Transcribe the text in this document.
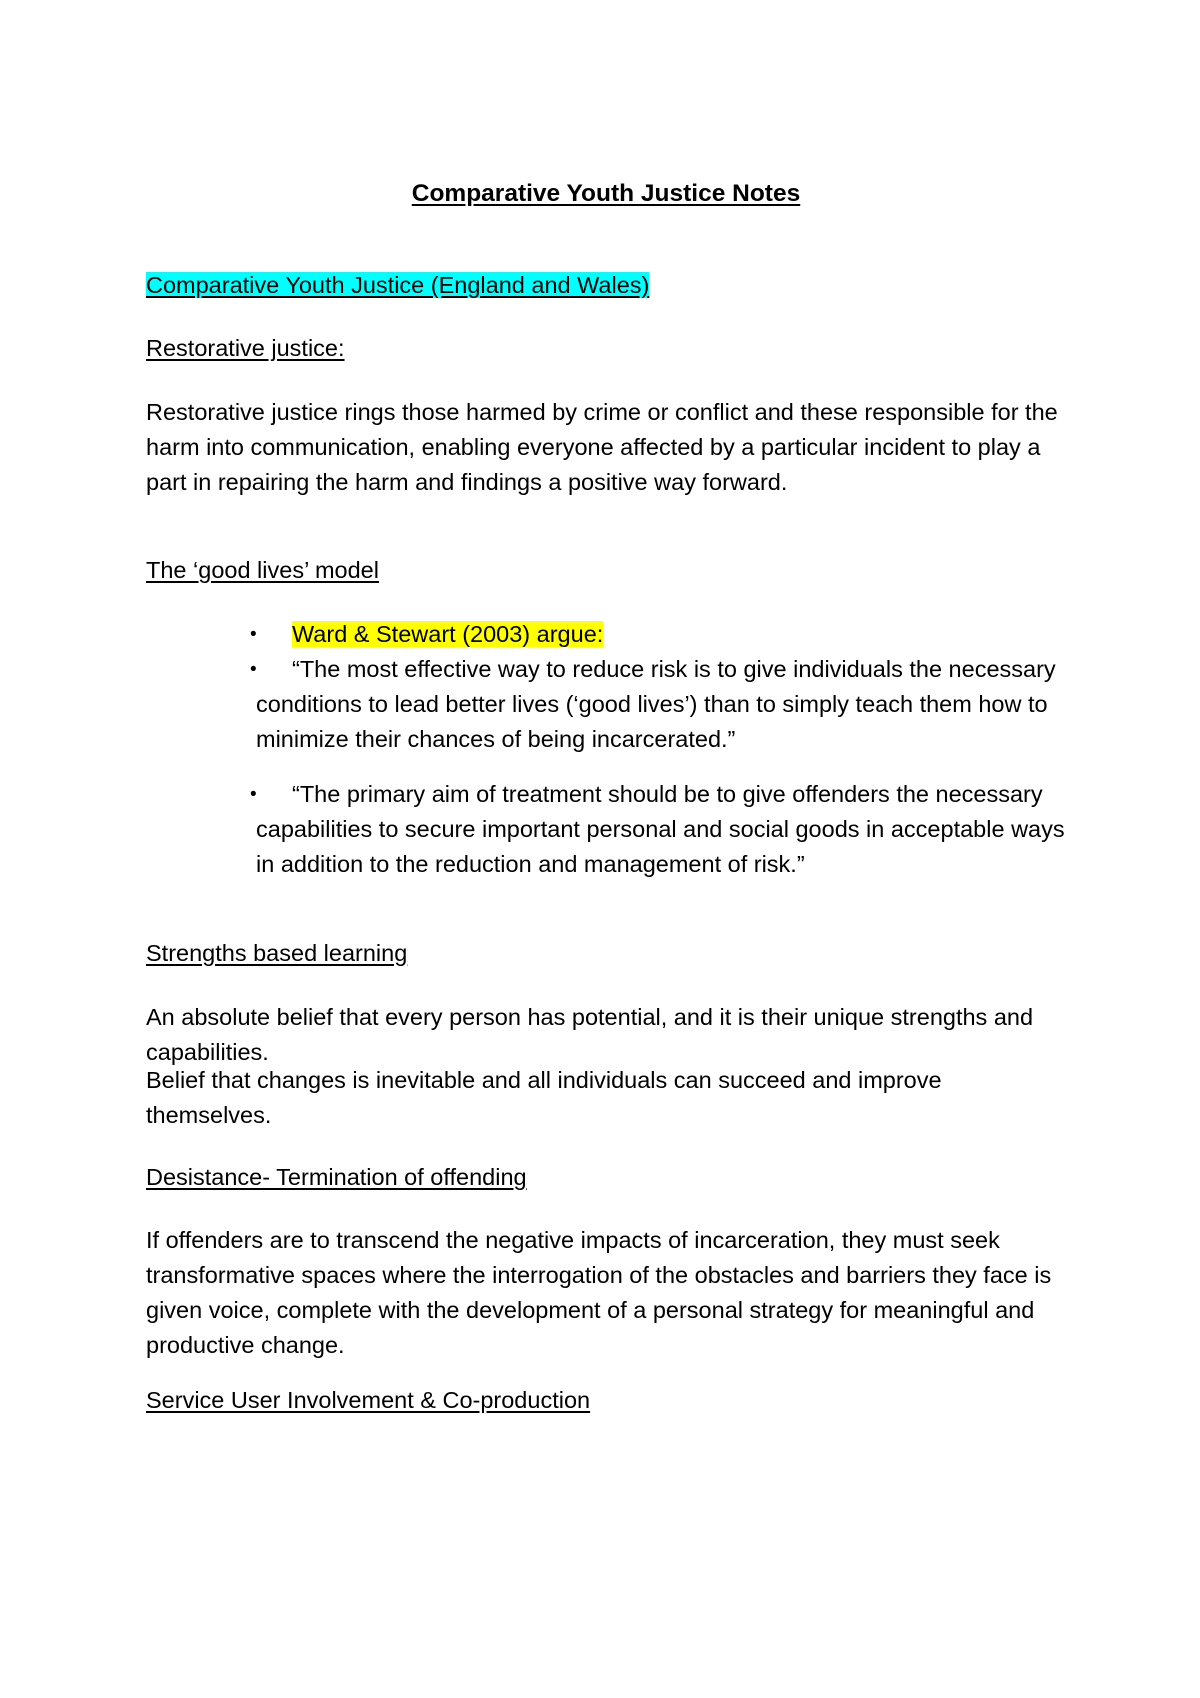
Comparative Youth Justice Notes

Comparative Youth Justice (England and Wales)

Restorative justice:

Restorative justice rings those harmed by crime or conflict and these responsible for the harm into communication, enabling everyone affected by a particular incident to play a part in repairing the harm and findings a positive way forward.

The ‘good lives’ model

•	Ward & Stewart (2003) argue:
•	“The most effective way to reduce risk is to give individuals the necessary conditions to lead better lives (‘good lives’) than to simply teach them how to minimize their chances of being incarcerated.”
•	“The primary aim of treatment should be to give offenders the necessary capabilities to secure important personal and social goods in acceptable ways in addition to the reduction and management of risk.”

Strengths based learning

An absolute belief that every person has potential, and it is their unique strengths and capabilities.

Belief that changes is inevitable and all individuals can succeed and improve themselves.

Desistance- Termination of offending

If offenders are to transcend the negative impacts of incarceration, they must seek transformative spaces where the interrogation of the obstacles and barriers they face is given voice, complete with the development of a personal strategy for meaningful and productive change.

Service User Involvement & Co-production
